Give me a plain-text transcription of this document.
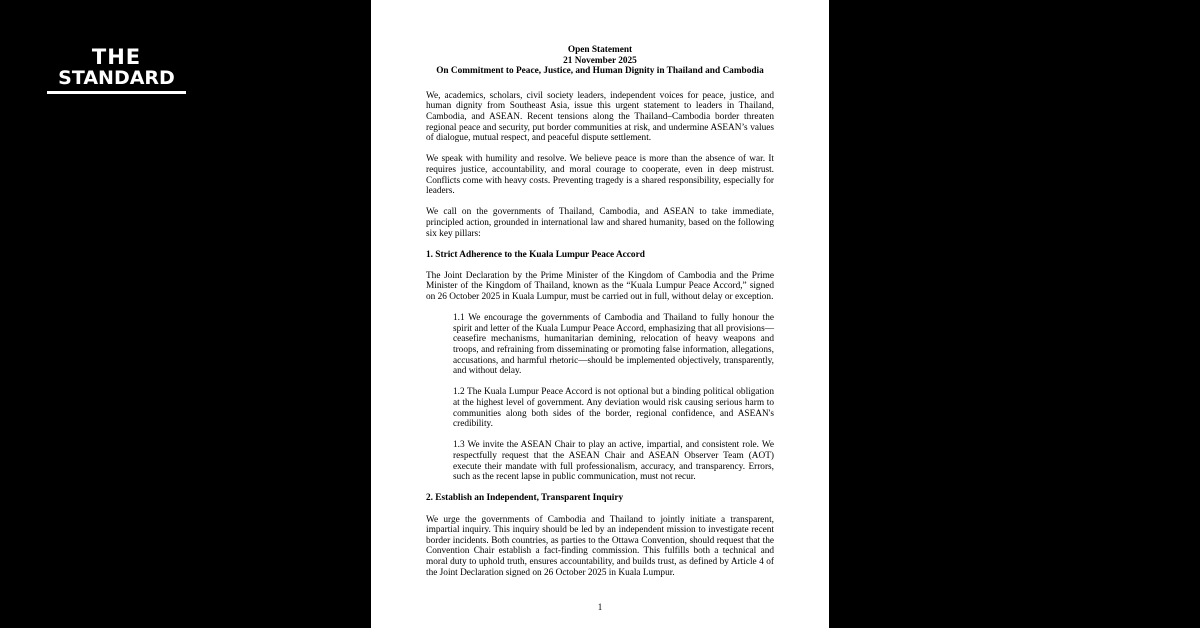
THE
STANDARD
Open Statement
21 November 2025
On Commitment to Peace, Justice, and Human Dignity in Thailand and Cambodia

We, academics, scholars, civil society leaders, independent voices for peace, justice, and human dignity from Southeast Asia, issue this urgent statement to leaders in Thailand, Cambodia, and ASEAN. Recent tensions along the Thailand–Cambodia border threaten regional peace and security, put border communities at risk, and undermine ASEAN’s values of dialogue, mutual respect, and peaceful dispute settlement.

We speak with humility and resolve. We believe peace is more than the absence of war. It requires justice, accountability, and moral courage to cooperate, even in deep mistrust. Conflicts come with heavy costs. Preventing tragedy is a shared responsibility, especially for leaders.

We call on the governments of Thailand, Cambodia, and ASEAN to take immediate, principled action, grounded in international law and shared humanity, based on the following six key pillars:

1. Strict Adherence to the Kuala Lumpur Peace Accord

The Joint Declaration by the Prime Minister of the Kingdom of Cambodia and the Prime Minister of the Kingdom of Thailand, known as the “Kuala Lumpur Peace Accord,” signed on 26 October 2025 in Kuala Lumpur, must be carried out in full, without delay or exception.

1.1 We encourage the governments of Cambodia and Thailand to fully honour the spirit and letter of the Kuala Lumpur Peace Accord, emphasizing that all provisions—ceasefire mechanisms, humanitarian demining, relocation of heavy weapons and troops, and refraining from disseminating or promoting false information, allegations, accusations, and harmful rhetoric—should be implemented objectively, transparently, and without delay.

1.2 The Kuala Lumpur Peace Accord is not optional but a binding political obligation at the highest level of government. Any deviation would risk causing serious harm to communities along both sides of the border, regional confidence, and ASEAN's credibility.

1.3 We invite the ASEAN Chair to play an active, impartial, and consistent role. We respectfully request that the ASEAN Chair and ASEAN Observer Team (AOT) execute their mandate with full professionalism, accuracy, and transparency. Errors, such as the recent lapse in public communication, must not recur.

2. Establish an Independent, Transparent Inquiry

We urge the governments of Cambodia and Thailand to jointly initiate a transparent, impartial inquiry. This inquiry should be led by an independent mission to investigate recent border incidents. Both countries, as parties to the Ottawa Convention, should request that the Convention Chair establish a fact-finding commission. This fulfills both a technical and moral duty to uphold truth, ensures accountability, and builds trust, as defined by Article 4 of the Joint Declaration signed on 26 October 2025 in Kuala Lumpur.

1
